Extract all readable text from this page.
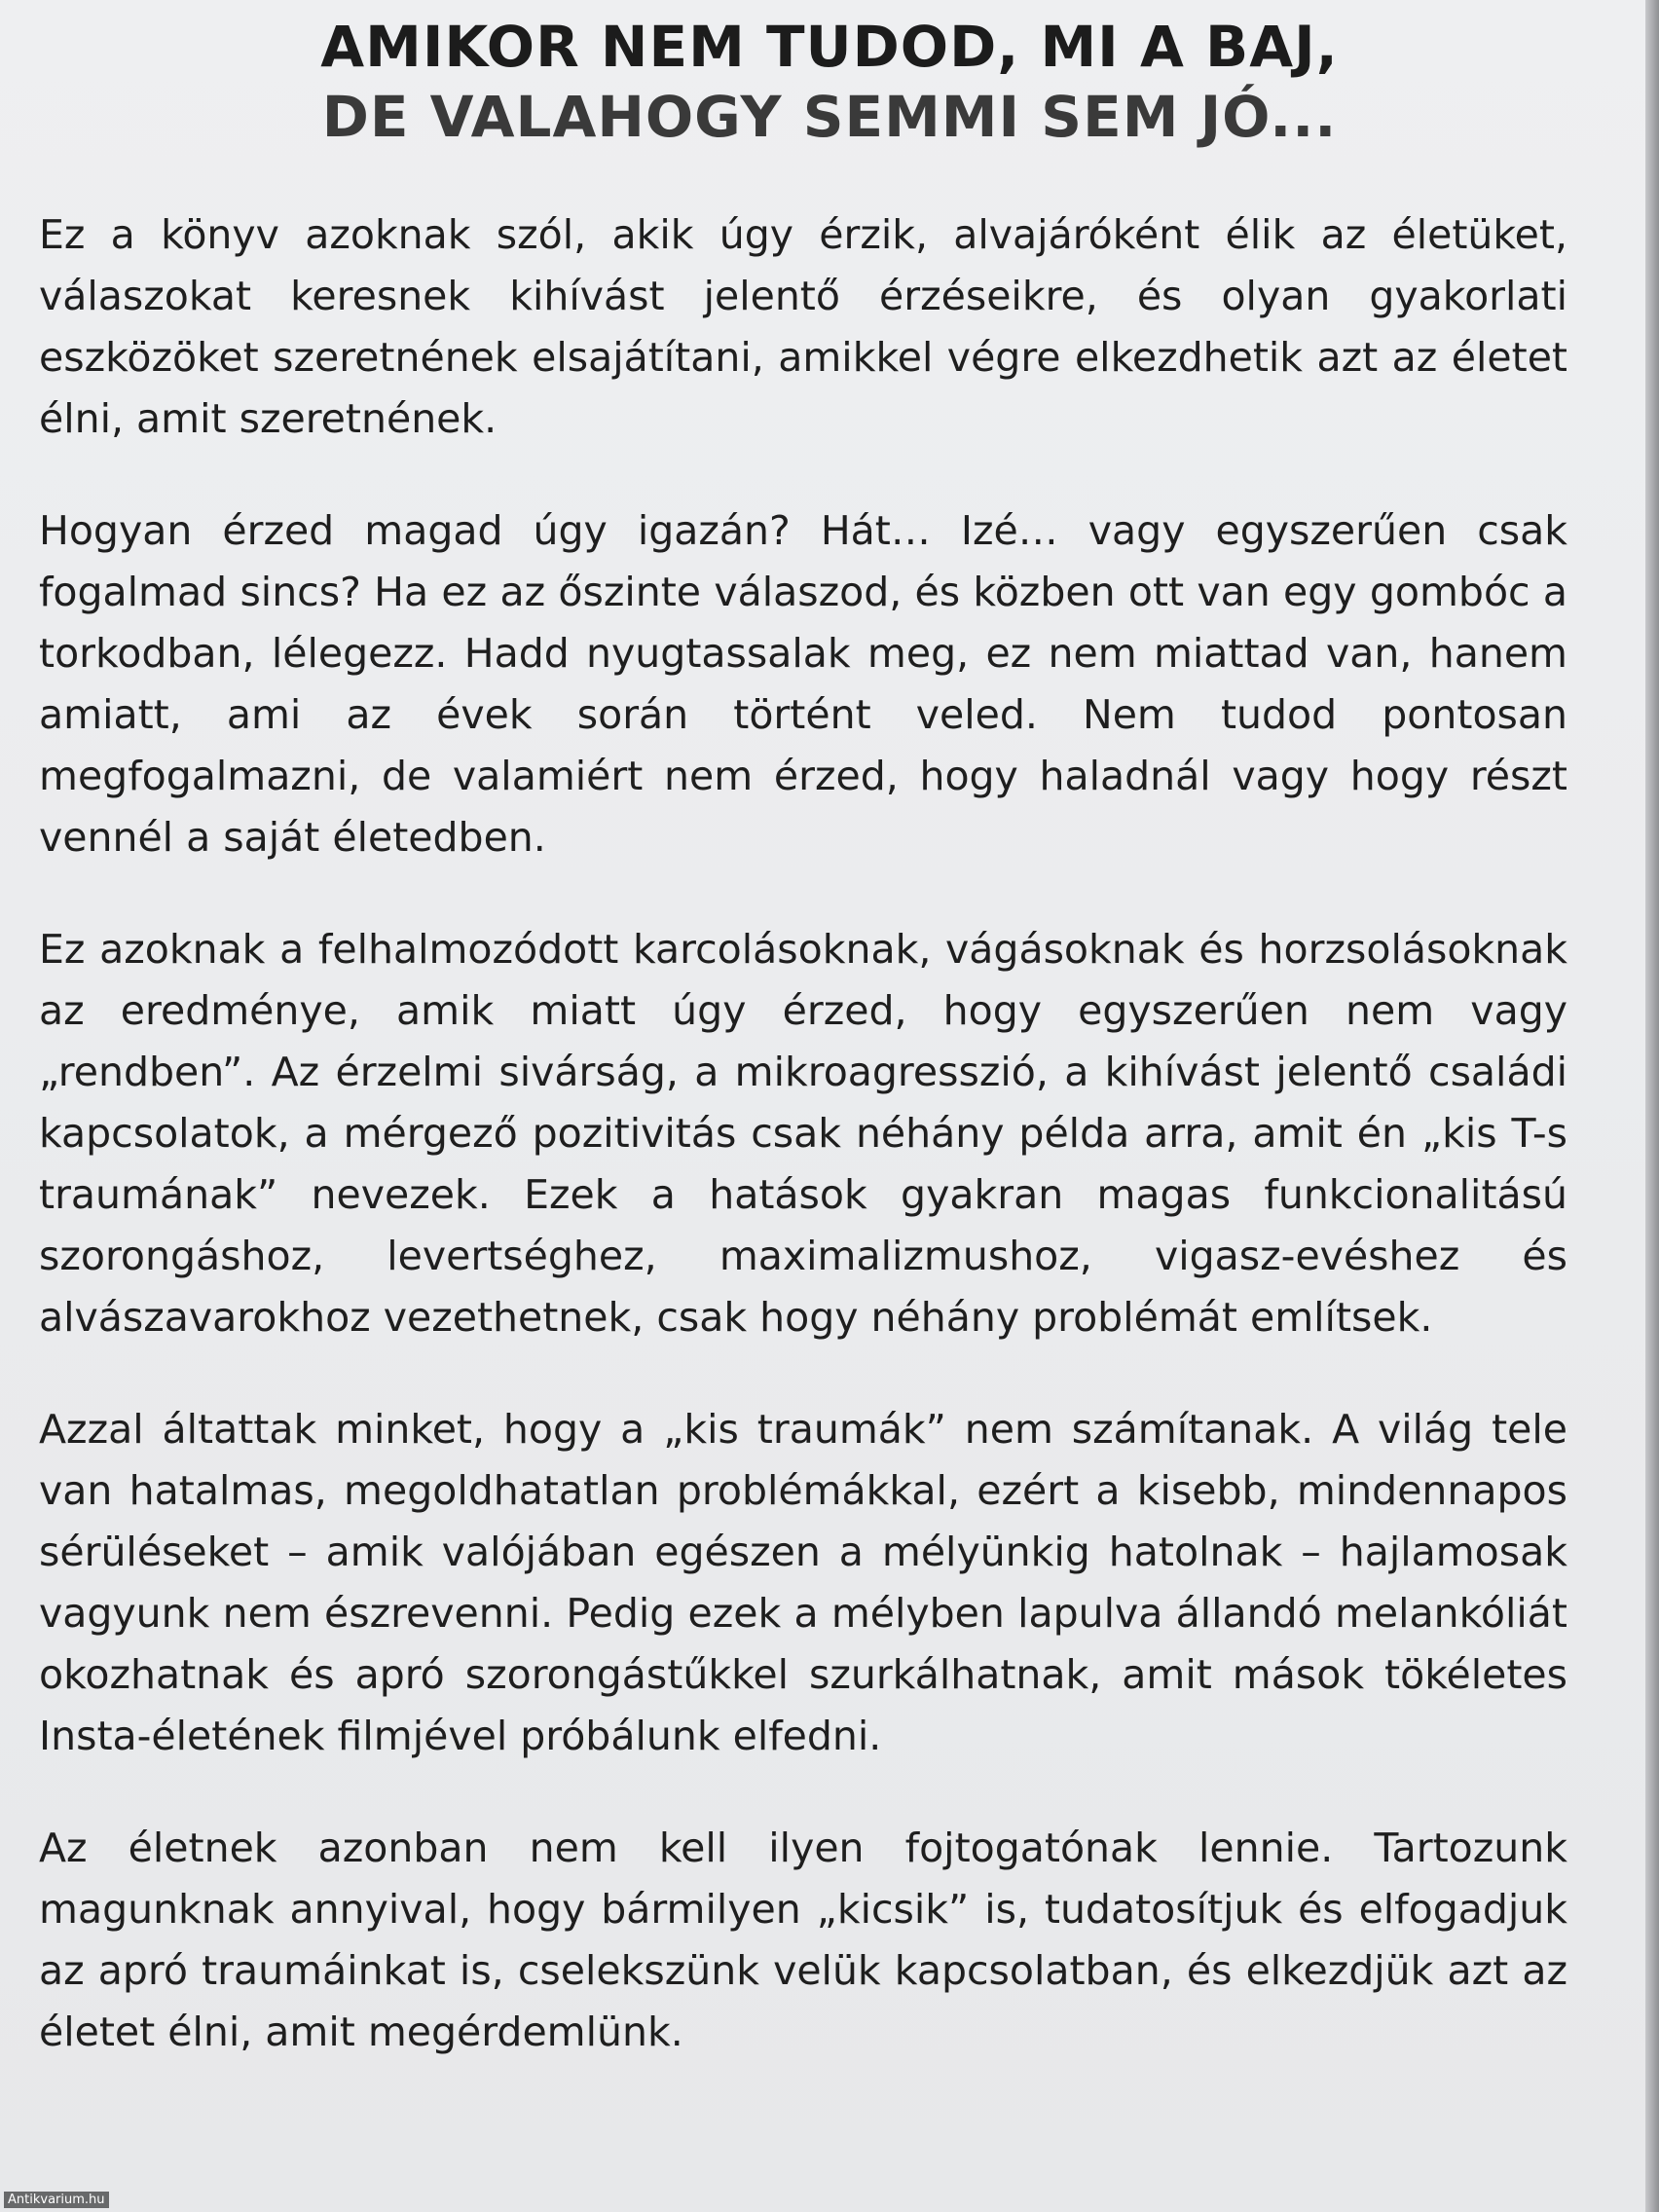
AMIKOR NEM TUDOD, MI A BAJ,
DE VALAHOGY SEMMI SEM JÓ...

Ez a könyv azoknak szól, akik úgy érzik, alvajáróként élik az életüket, válaszokat keresnek kihívást jelentő érzéseikre, és olyan gyakorlati eszközöket szeretnének elsajátítani, amikkel végre elkezdhetik azt az életet élni, amit szeretnének.

Hogyan érzed magad úgy igazán? Hát… Izé… vagy egyszerűen csak fogalmad sincs? Ha ez az őszinte válaszod, és közben ott van egy gombóc a torkodban, lélegezz. Hadd nyugtassalak meg, ez nem miattad van, hanem amiatt, ami az évek során történt veled. Nem tudod pontosan megfogalmazni, de valamiért nem érzed, hogy haladnál vagy hogy részt vennél a saját életedben.

Ez azoknak a felhalmozódott karcolásoknak, vágásoknak és horzsolásoknak az eredménye, amik miatt úgy érzed, hogy egyszerűen nem vagy „rendben”. Az érzelmi sivárság, a mikroagresszió, a kihívást jelentő családi kapcsolatok, a mérgező pozitivitás csak néhány példa arra, amit én „kis T-s traumának” nevezek. Ezek a hatások gyakran magas funkcionalitású szorongáshoz, levertséghez, maximalizmushoz, vigasz-evéshez és alvászavarokhoz vezethetnek, csak hogy néhány problémát említsek.

Azzal áltattak minket, hogy a „kis traumák” nem számítanak. A világ tele van hatalmas, megoldhatatlan problémákkal, ezért a kisebb, mindennapos sérüléseket – amik valójában egészen a mélyünkig hatolnak – hajlamosak vagyunk nem észrevenni. Pedig ezek a mélyben lapulva állandó melankóliát okozhatnak és apró szorongástűkkel szurkálhatnak, amit mások tökéletes Insta-életének filmjével próbálunk elfedni.

Az életnek azonban nem kell ilyen fojtogatónak lennie. Tartozunk magunknak annyival, hogy bármilyen „kicsik” is, tudatosítjuk és elfogadjuk az apró traumáinkat is, cselekszünk velük kapcsolatban, és elkezdjük azt az életet élni, amit megérdemlünk.

Antikvarium.hu
